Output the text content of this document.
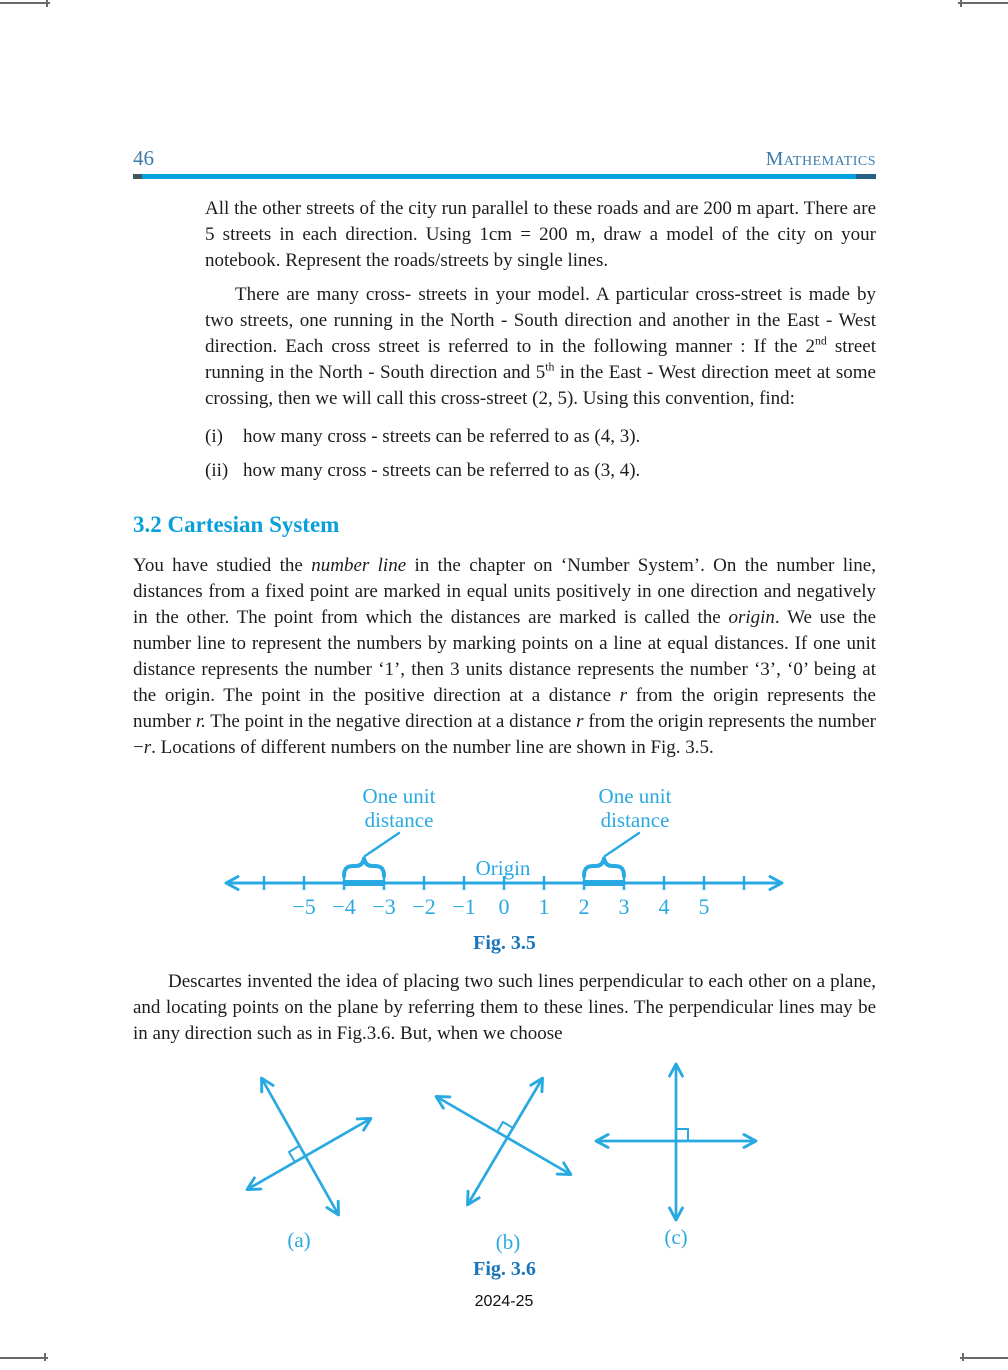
46	Mathematics

All the other streets of the city run parallel to these roads and are 200 m apart. There are 5 streets in each direction. Using 1cm = 200 m, draw a model of the city on your notebook. Represent the roads/streets by single lines.

There are many cross- streets in your model. A particular cross-street is made by two streets, one running in the North - South direction and another in the East - West direction. Each cross street is referred to in the following manner : If the 2nd street running in the North - South direction and 5th in the East - West direction meet at some crossing, then we will call this cross-street (2, 5). Using this convention, find:

(i)	how many cross - streets can be referred to as (4, 3).
(ii) how many cross - streets can be referred to as (3, 4).
3.2 Cartesian System

You have studied the number line in the chapter on ‘Number System’. On the number line, distances from a fixed point are marked in equal units positively in one direction and negatively in the other. The point from which the distances are marked is called the origin. We use the number line to represent the numbers by marking points on a line at equal distances. If one unit distance represents the number ‘1’, then 3 units distance represents the number ‘3’, ‘0’ being at the origin. The point in the positive direction at a distance r from the origin represents the number r. The point in the negative direction at a distance r from the origin represents the number −r. Locations of different numbers on the number line are shown in Fig. 3.5.

One unit
distance
One unit
distance
Origin
−5 −4 −3 −2 −1 0 1 2 3 4 5
Fig. 3.5

Descartes invented the idea of placing two such lines perpendicular to each other on a plane, and locating points on the plane by referring them to these lines. The perpendicular lines may be in any direction such as in Fig.3.6. But, when we choose

(a)	(b)	(c)
Fig. 3.6
2024-25
